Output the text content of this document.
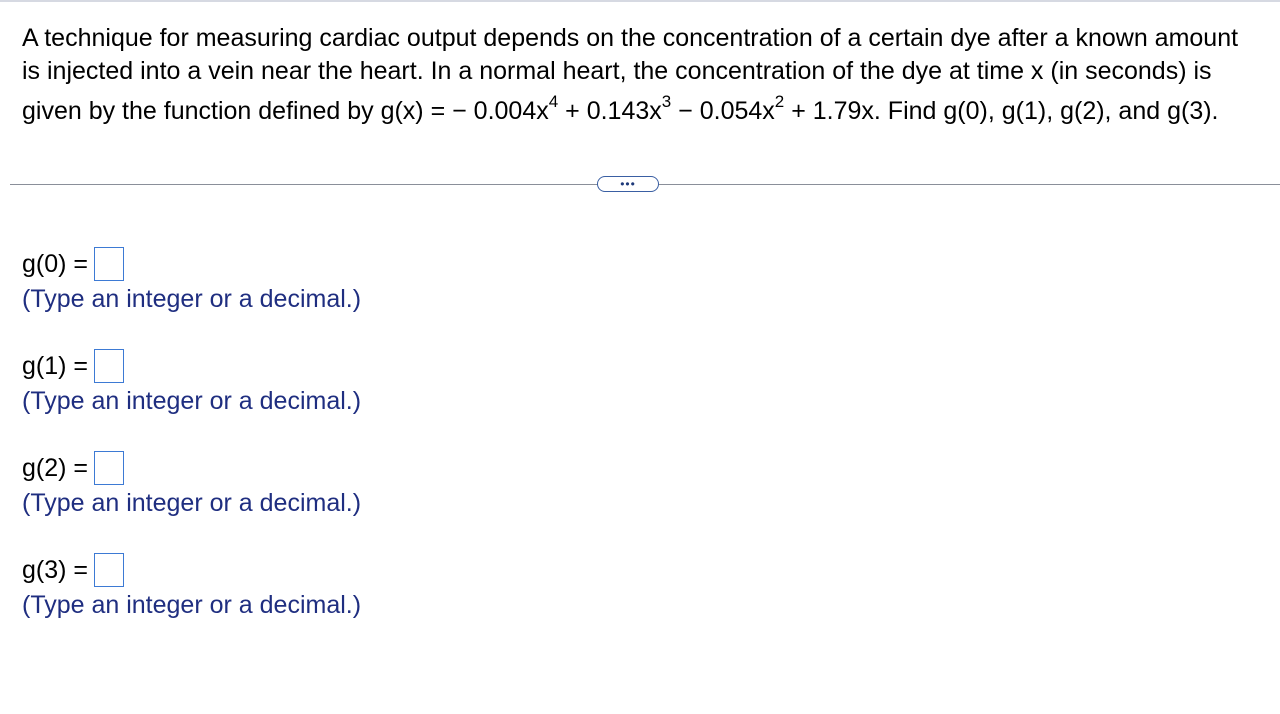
A technique for measuring cardiac output depends on the concentration of a certain dye after a known amount
is injected into a vein near the heart. In a normal heart, the concentration of the dye at time x (in seconds) is
given by the function defined by g(x) = − $0.004x^4 + 0.143x^3 - 0.054x^2 + 1.79x$. Find g(0), g(1), g(2), and g(3).
•••
g(0) =
(Type an integer or a decimal.)
g(1) =
(Type an integer or a decimal.)
g(2) =
(Type an integer or a decimal.)
g(3) =
(Type an integer or a decimal.)
